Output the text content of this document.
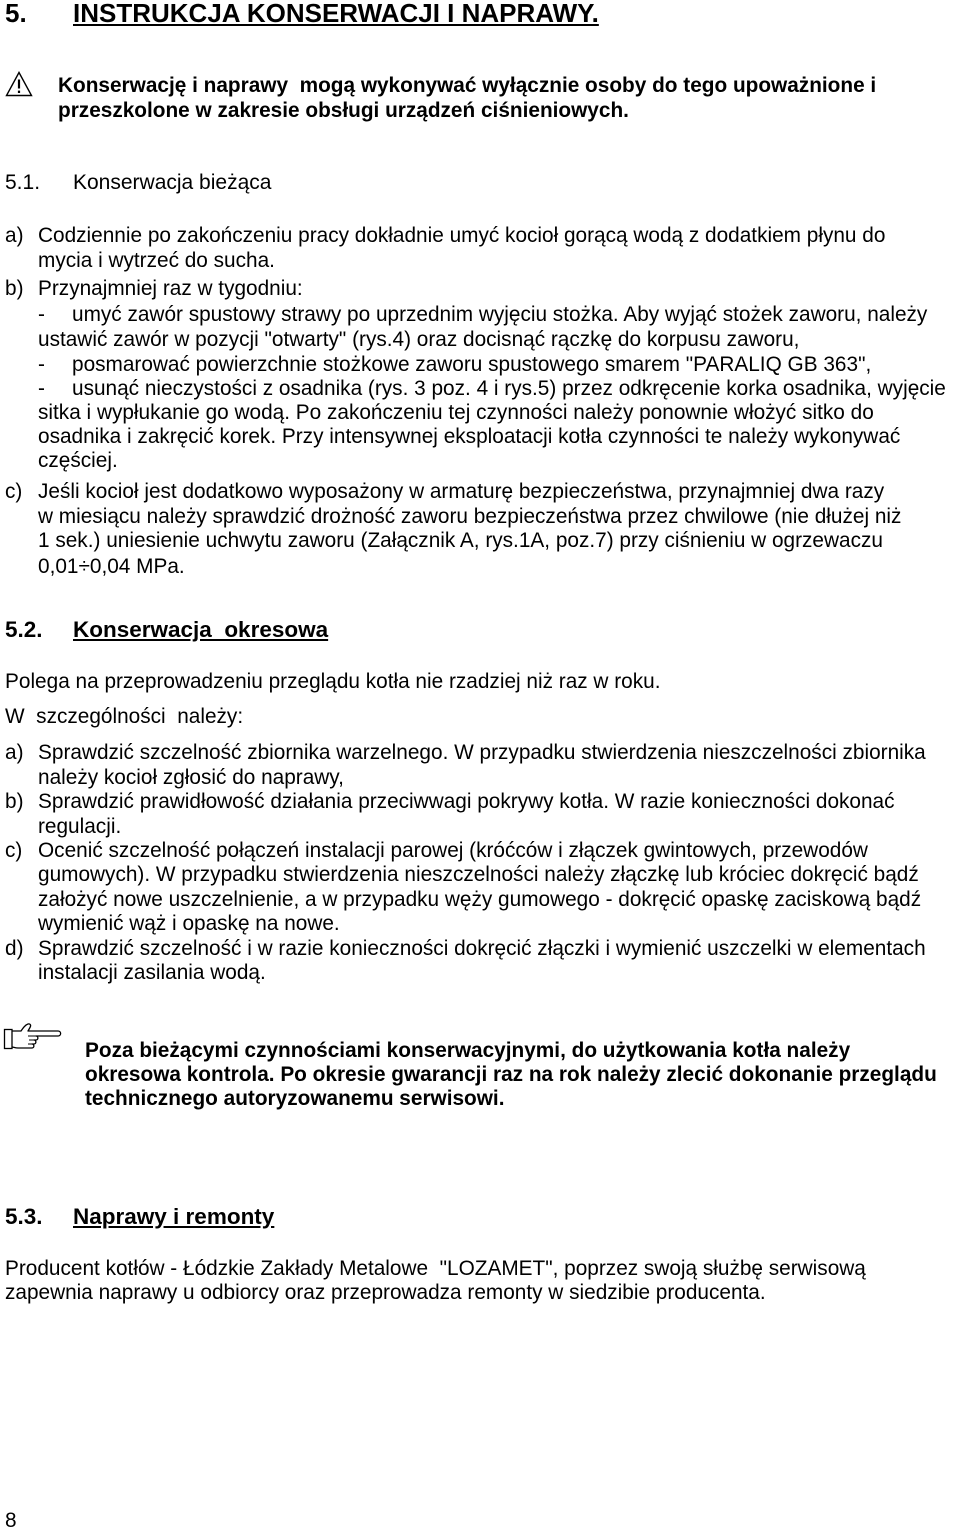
5. INSTRUKCJA KONSERWACJI I NAPRAWY.
Konserwację i naprawy  mogą wykonywać wyłącznie osoby do tego upoważnione i
przeszkolone w zakresie obsługi urządzeń ciśnieniowych.
5.1. Konserwacja bieżąca
a) Codziennie po zakończeniu pracy dokładnie umyć kocioł gorącą wodą z dodatkiem płynu do
mycia i wytrzeć do sucha.
b) Przynajmniej raz w tygodniu:
- umyć zawór spustowy strawy po uprzednim wyjęciu stożka. Aby wyjąć stożek zaworu, należy
ustawić zawór w pozycji "otwarty" (rys.4) oraz docisnąć rączkę do korpusu zaworu,
- posmarować powierzchnie stożkowe zaworu spustowego smarem "PARALIQ GB 363",
- usunąć nieczystości z osadnika (rys. 3 poz. 4 i rys.5) przez odkręcenie korka osadnika, wyjęcie
sitka i wypłukanie go wodą. Po zakończeniu tej czynności należy ponownie włożyć sitko do
osadnika i zakręcić korek. Przy intensywnej eksploatacji kotła czynności te należy wykonywać
częściej.
c) Jeśli kocioł jest dodatkowo wyposażony w armaturę bezpieczeństwa, przynajmniej dwa razy
w miesiącu należy sprawdzić drożność zaworu bezpieczeństwa przez chwilowe (nie dłużej niż
1 sek.) uniesienie uchwytu zaworu (Załącznik A, rys.1A, poz.7) przy ciśnieniu w ogrzewaczu
0,01÷0,04 MPa.
5.2. Konserwacja  okresowa
Polega na przeprowadzeniu przeglądu kotła nie rzadziej niż raz w roku.
W  szczególności  należy:
a) Sprawdzić szczelność zbiornika warzelnego. W przypadku stwierdzenia nieszczelności zbiornika
należy kocioł zgłosić do naprawy,
b) Sprawdzić prawidłowość działania przeciwwagi pokrywy kotła. W razie konieczności dokonać
regulacji.
c) Ocenić szczelność połączeń instalacji parowej (króćców i złączek gwintowych, przewodów
gumowych). W przypadku stwierdzenia nieszczelności należy złączkę lub króciec dokręcić bądź
założyć nowe uszczelnienie, a w przypadku węży gumowego - dokręcić opaskę zaciskową bądź
wymienić wąż i opaskę na nowe.
d) Sprawdzić szczelność i w razie konieczności dokręcić złączki i wymienić uszczelki w elementach
instalacji zasilania wodą.
Poza bieżącymi czynnościami konserwacyjnymi, do użytkowania kotła należy
okresowa kontrola. Po okresie gwarancji raz na rok należy zlecić dokonanie przeglądu
technicznego autoryzowanemu serwisowi.
5.3. Naprawy i remonty
Producent kotłów - Łódzkie Zakłady Metalowe  "LOZAMET", poprzez swoją służbę serwisową
zapewnia naprawy u odbiorcy oraz przeprowadza remonty w siedzibie producenta.
8
